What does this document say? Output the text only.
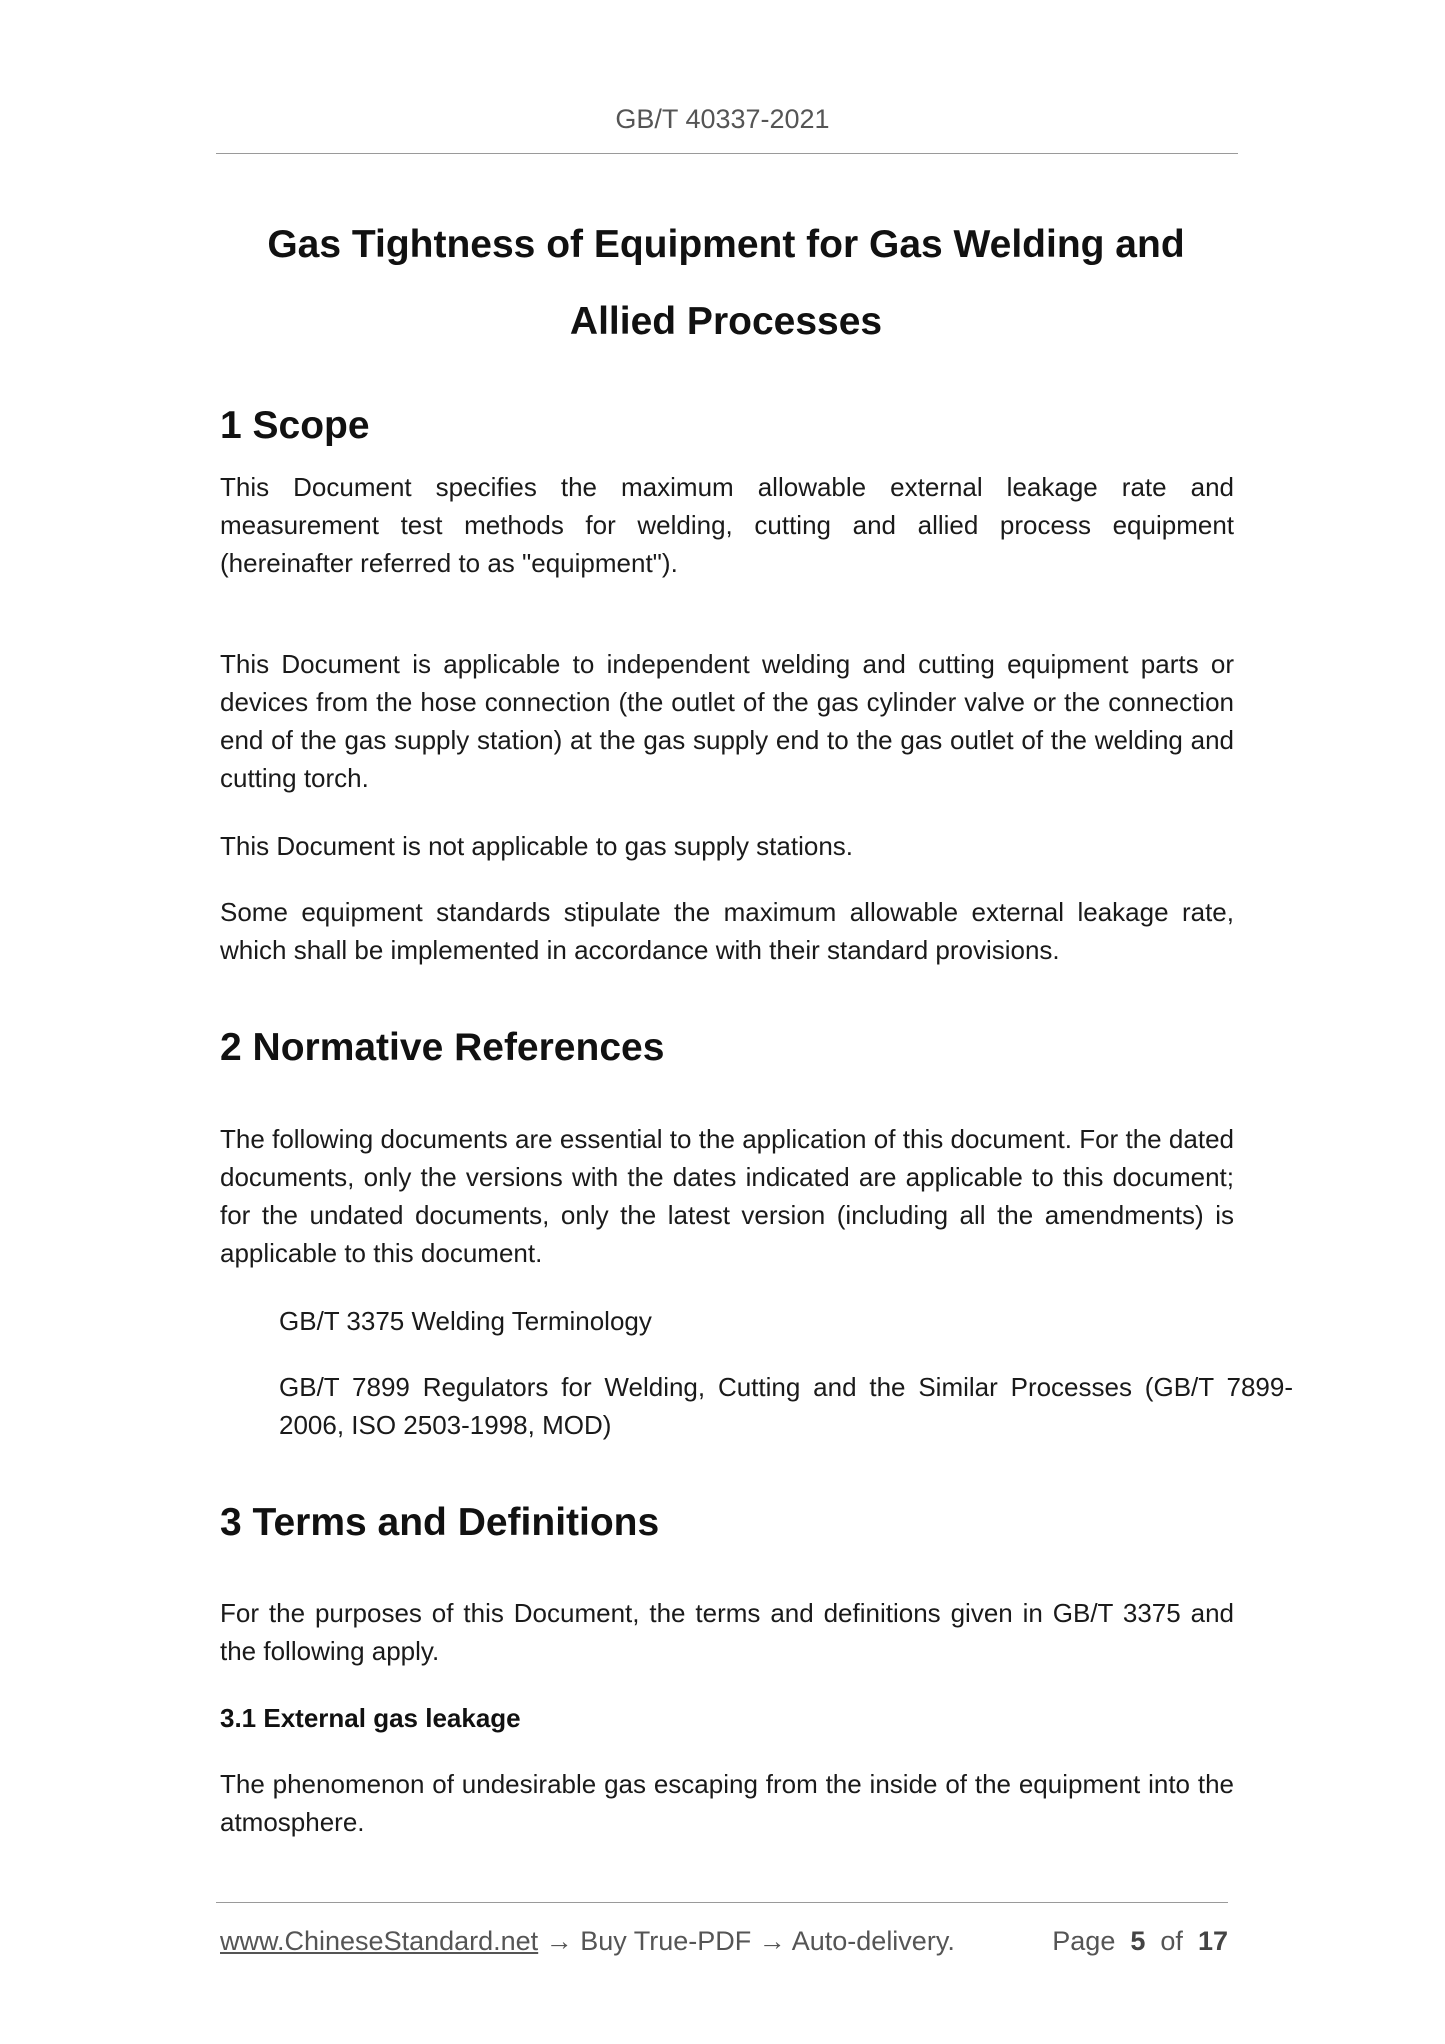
GB/T 40337-2021

Gas Tightness of Equipment for Gas Welding and
Allied Processes
1 Scope

This Document specifies the maximum allowable external leakage rate and measurement test methods for welding, cutting and allied process equipment (hereinafter referred to as "equipment").

This Document is applicable to independent welding and cutting equipment parts or devices from the hose connection (the outlet of the gas cylinder valve or the connection end of the gas supply station) at the gas supply end to the gas outlet of the welding and cutting torch.

This Document is not applicable to gas supply stations.

Some equipment standards stipulate the maximum allowable external leakage rate, which shall be implemented in accordance with their standard provisions.

2 Normative References

The following documents are essential to the application of this document. For the dated documents, only the versions with the dates indicated are applicable to this document; for the undated documents, only the latest version (including all the amendments) is applicable to this document.

GB/T 3375 Welding Terminology

GB/T 7899 Regulators for Welding, Cutting and the Similar Processes (GB/T 7899-2006, ISO 2503-1998, MOD)

3 Terms and Definitions

For the purposes of this Document, the terms and definitions given in GB/T 3375 and the following apply.

3.1 External gas leakage

The phenomenon of undesirable gas escaping from the inside of the equipment into the atmosphere.

www.ChineseStandard.net → Buy True-PDF → Auto-delivery.	Page 5 of 17
